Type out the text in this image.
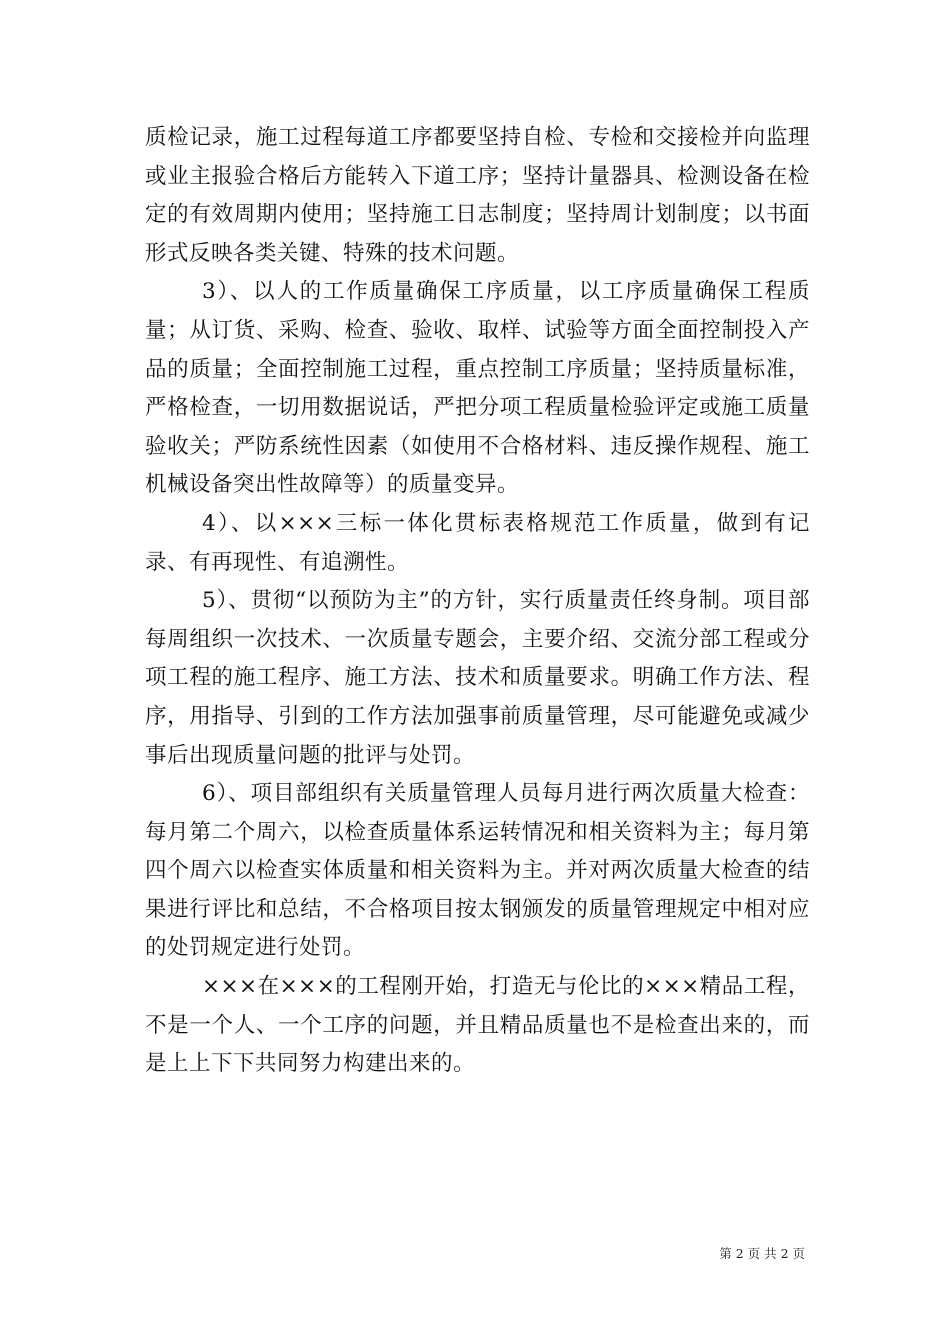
质检记录，施工过程每道工序都要坚持自检、专检和交接检并向监理或业主报验合格后方能转入下道工序；坚持计量器具、检测设备在检定的有效周期内使用；坚持施工日志制度；坚持周计划制度；以书面形式反映各类关键、特殊的技术问题。

3）、以人的工作质量确保工序质量，以工序质量确保工程质量；从订货、采购、检查、验收、取样、试验等方面全面控制投入产品的质量；全面控制施工过程，重点控制工序质量；坚持质量标准，严格检查，一切用数据说话，严把分项工程质量检验评定或施工质量验收关；严防系统性因素（如使用不合格材料、违反操作规程、施工机械设备突出性故障等）的质量变异。

4）、以×××三标一体化贯标表格规范工作质量，做到有记录、有再现性、有追溯性。

5）、贯彻“以预防为主”的方针，实行质量责任终身制。项目部每周组织一次技术、一次质量专题会，主要介绍、交流分部工程或分项工程的施工程序、施工方法、技术和质量要求。明确工作方法、程序，用指导、引到的工作方法加强事前质量管理，尽可能避免或减少事后出现质量问题的批评与处罚。

6）、项目部组织有关质量管理人员每月进行两次质量大检查：每月第二个周六，以检查质量体系运转情况和相关资料为主；每月第四个周六以检查实体质量和相关资料为主。并对两次质量大检查的结果进行评比和总结，不合格项目按太钢颁发的质量管理规定中相对应的处罚规定进行处罚。

×××在×××的工程刚开始，打造无与伦比的×××精品工程，不是一个人、一个工序的问题，并且精品质量也不是检查出来的，而是上上下下共同努力构建出来的。

第 2 页 共 2 页
